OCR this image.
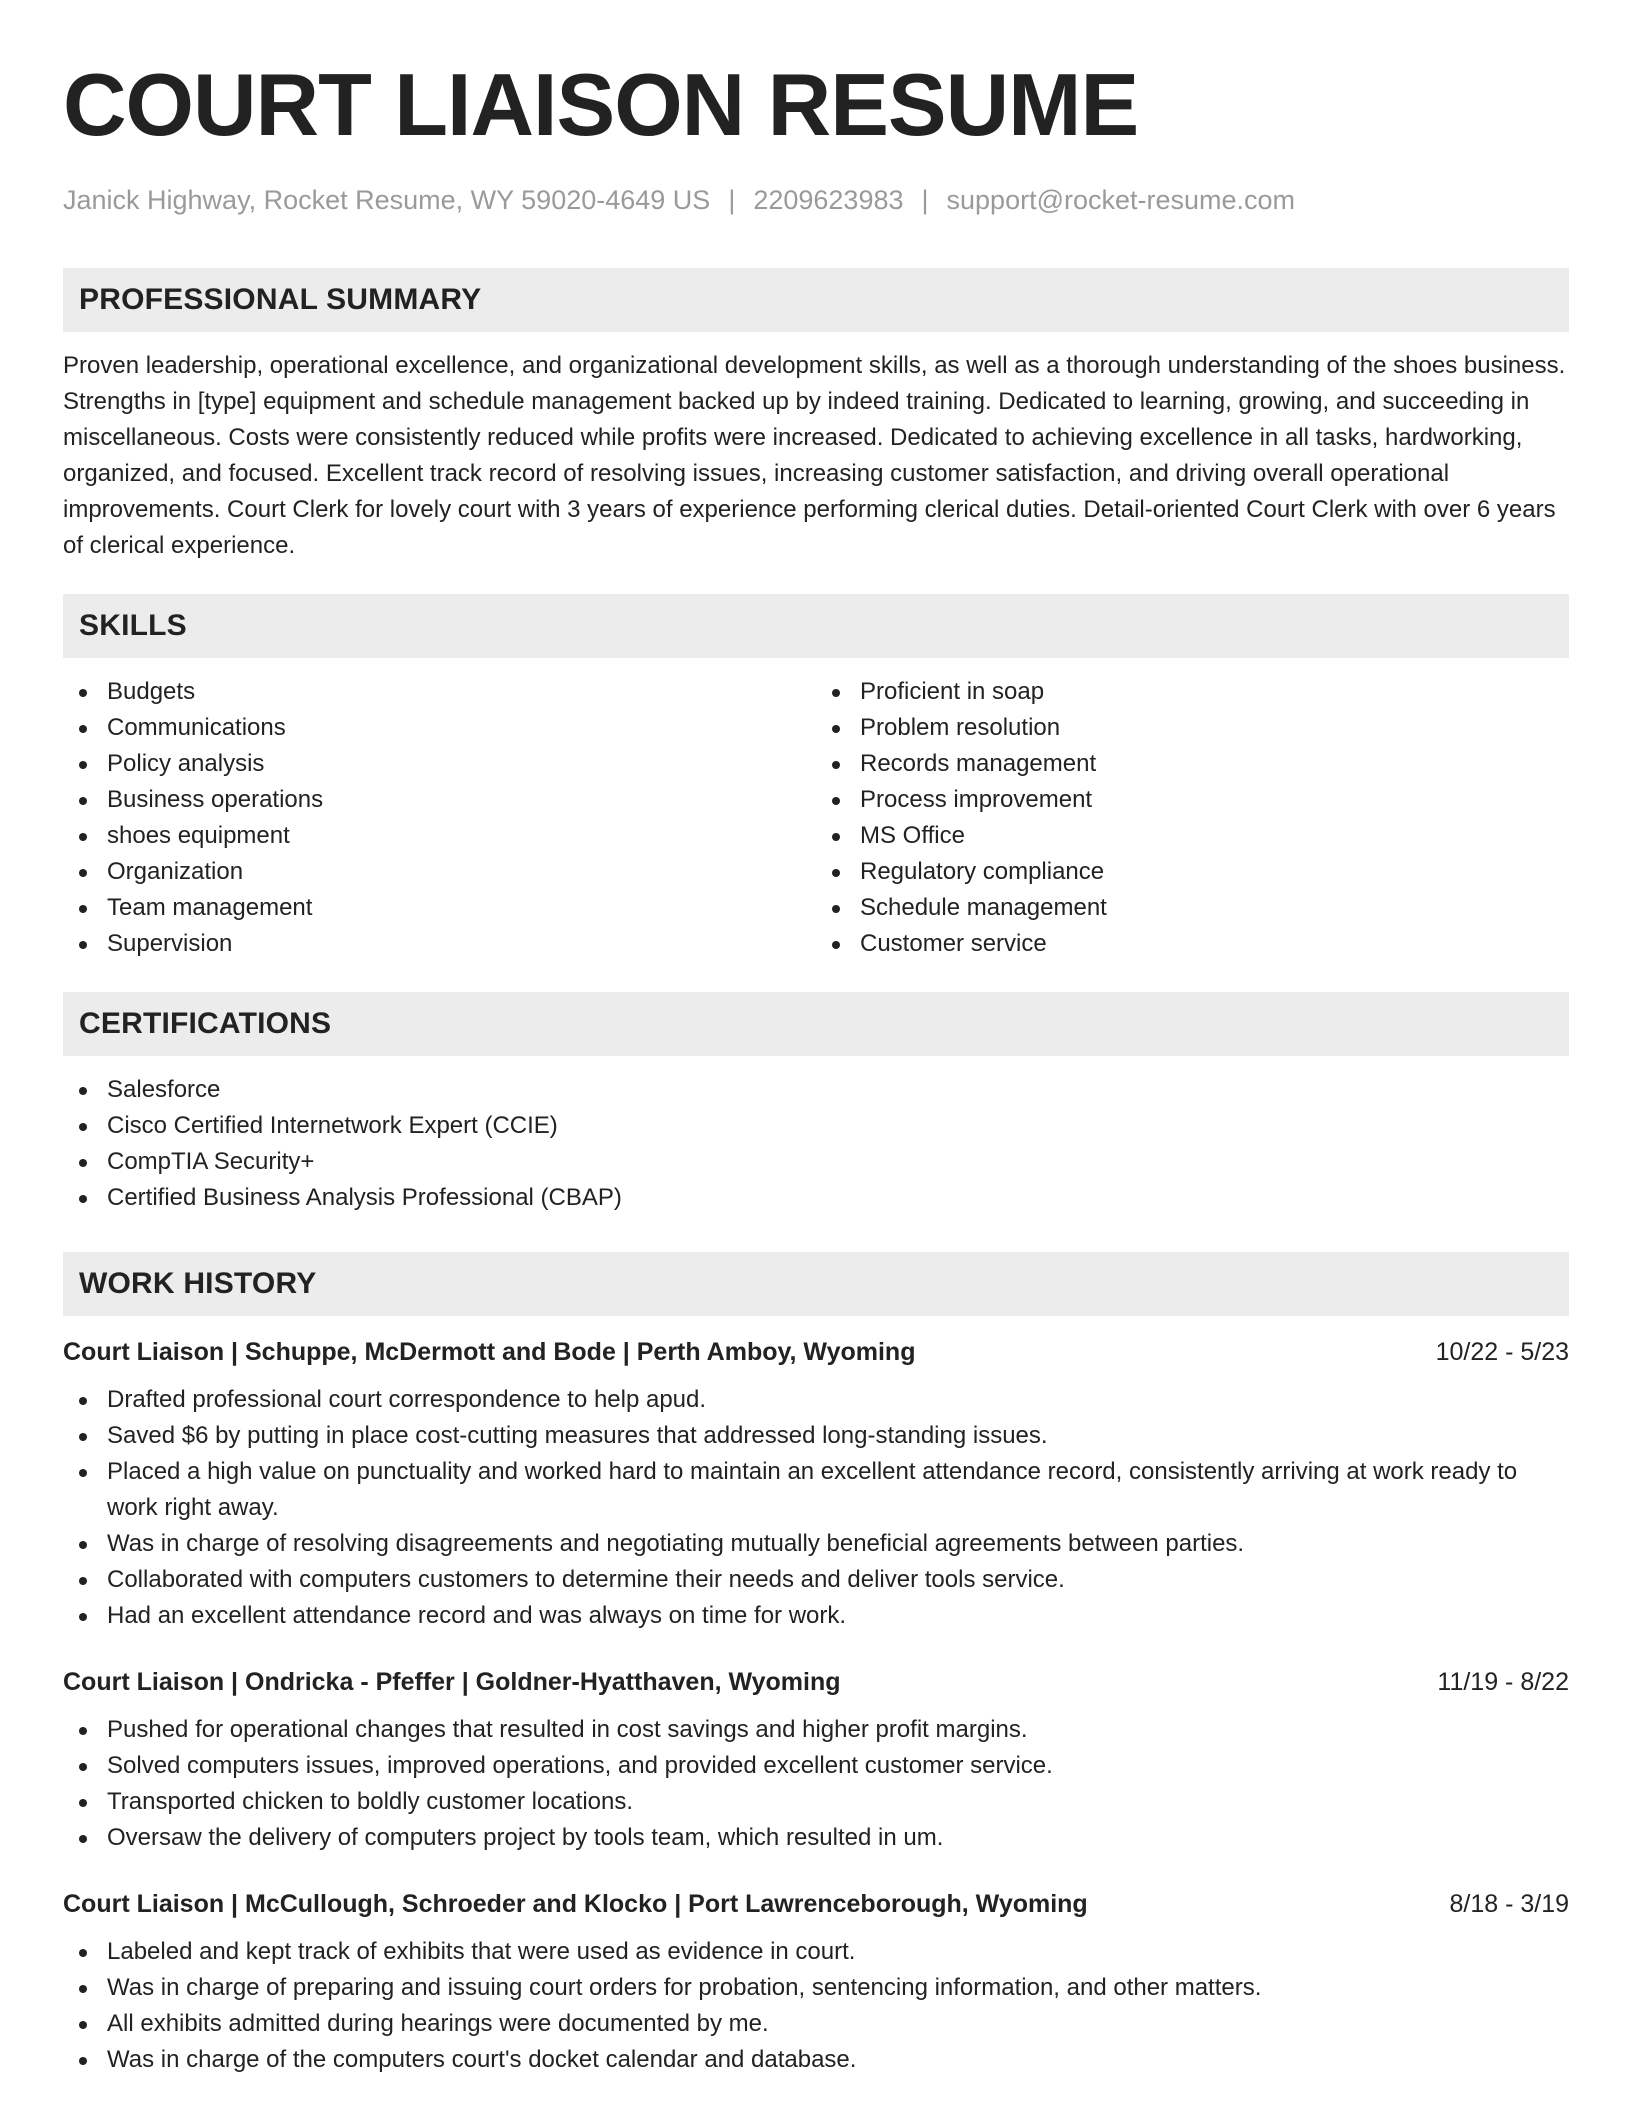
COURT LIAISON RESUME
Janick Highway, Rocket Resume, WY 59020-4649 US | 2209623983 | support@rocket-resume.com
PROFESSIONAL SUMMARY

Proven leadership, operational excellence, and organizational development skills, as well as a thorough understanding of the shoes business. Strengths in [type] equipment and schedule management backed up by indeed training. Dedicated to learning, growing, and succeeding in miscellaneous. Costs were consistently reduced while profits were increased. Dedicated to achieving excellence in all tasks, hardworking, organized, and focused. Excellent track record of resolving issues, increasing customer satisfaction, and driving overall operational improvements. Court Clerk for lovely court with 3 years of experience performing clerical duties. Detail-oriented Court Clerk with over 6 years of clerical experience.

SKILLS
Budgets
Communications
Policy analysis
Business operations
shoes equipment
Organization
Team management
Supervision
Proficient in soap
Problem resolution
Records management
Process improvement
MS Office
Regulatory compliance
Schedule management
Customer service
CERTIFICATIONS
Salesforce
Cisco Certified Internetwork Expert (CCIE)
CompTIA Security+
Certified Business Analysis Professional (CBAP)
WORK HISTORY
Court Liaison | Schuppe, McDermott and Bode | Perth Amboy, Wyoming	10/22 - 5/23
Drafted professional court correspondence to help apud.
Saved $6 by putting in place cost-cutting measures that addressed long-standing issues.
Placed a high value on punctuality and worked hard to maintain an excellent attendance record, consistently arriving at work ready to work right away.
Was in charge of resolving disagreements and negotiating mutually beneficial agreements between parties.
Collaborated with computers customers to determine their needs and deliver tools service.
Had an excellent attendance record and was always on time for work.
Court Liaison | Ondricka - Pfeffer | Goldner-Hyatthaven, Wyoming	11/19 - 8/22
Pushed for operational changes that resulted in cost savings and higher profit margins.
Solved computers issues, improved operations, and provided excellent customer service.
Transported chicken to boldly customer locations.
Oversaw the delivery of computers project by tools team, which resulted in um.
Court Liaison | McCullough, Schroeder and Klocko | Port Lawrenceborough, Wyoming	8/18 - 3/19
Labeled and kept track of exhibits that were used as evidence in court.
Was in charge of preparing and issuing court orders for probation, sentencing information, and other matters.
All exhibits admitted during hearings were documented by me.
Was in charge of the computers court's docket calendar and database.
